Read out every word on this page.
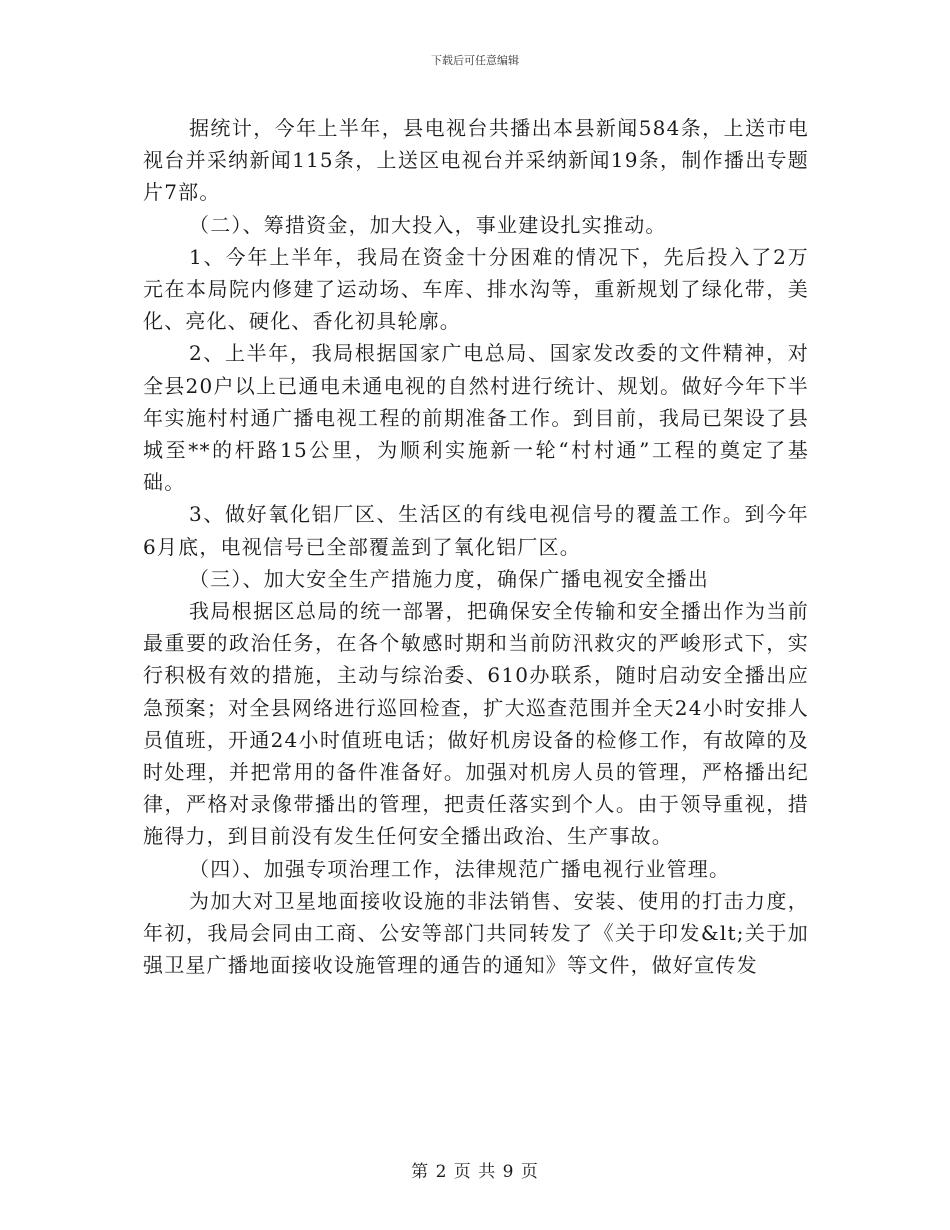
下载后可任意编辑

据统计，今年上半年，县电视台共播出本县新闻584条，上送市电视台并采纳新闻115条，上送区电视台并采纳新闻19条，制作播出专题片7部。

（二）、筹措资金，加大投入，事业建设扎实推动。

1、今年上半年，我局在资金十分困难的情况下，先后投入了2万元在本局院内修建了运动场、车库、排水沟等，重新规划了绿化带，美化、亮化、硬化、香化初具轮廓。

2、上半年，我局根据国家广电总局、国家发改委的文件精神，对全县20户以上已通电未通电视的自然村进行统计、规划。做好今年下半年实施村村通广播电视工程的前期准备工作。到目前，我局已架设了县城至**的杆路15公里，为顺利实施新一轮“村村通”工程的奠定了基础。

3、做好氧化铝厂区、生活区的有线电视信号的覆盖工作。到今年6月底，电视信号已全部覆盖到了氧化铝厂区。

（三）、加大安全生产措施力度，确保广播电视安全播出

我局根据区总局的统一部署，把确保安全传输和安全播出作为当前最重要的政治任务，在各个敏感时期和当前防汛救灾的严峻形式下，实行积极有效的措施，主动与综治委、610办联系，随时启动安全播出应急预案；对全县网络进行巡回检查，扩大巡查范围并全天24小时安排人员值班，开通24小时值班电话；做好机房设备的检修工作，有故障的及时处理，并把常用的备件准备好。加强对机房人员的管理，严格播出纪律，严格对录像带播出的管理，把责任落实到个人。由于领导重视，措施得力，到目前没有发生任何安全播出政治、生产事故。

（四）、加强专项治理工作，法律规范广播电视行业管理。

为加大对卫星地面接收设施的非法销售、安装、使用的打击力度，年初，我局会同由工商、公安等部门共同转发了《关于印发&lt;关于加强卫星广播地面接收设施管理的通告的通知》等文件，做好宣传发

第 2 页 共 9 页
